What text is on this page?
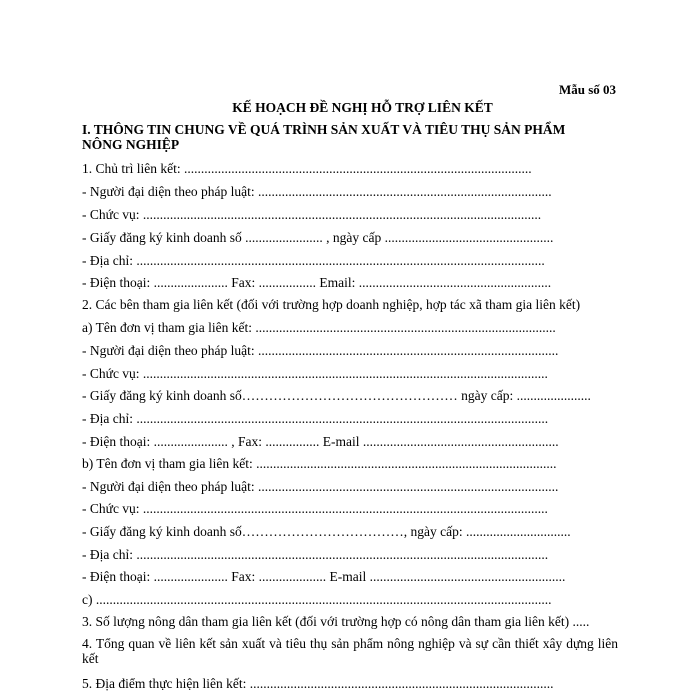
Mẫu số 03
KẾ HOẠCH ĐỀ NGHỊ HỖ TRỢ LIÊN KẾT
I. THÔNG TIN CHUNG VỀ QUÁ TRÌNH SẢN XUẤT VÀ TIÊU THỤ SẢN PHẨM NÔNG NGHIỆP
1. Chủ trì liên kết: .......................................................................................................
- Người đại diện theo pháp luật: .......................................................................................
- Chức vụ: ......................................................................................................................
- Giấy đăng ký kinh doanh số ....................... , ngày cấp ..................................................
- Địa chỉ: .........................................................................................................................
- Điện thoại: ...................... Fax: ................. Email: .........................................................
2. Các bên tham gia liên kết (đối với trường hợp doanh nghiệp, hợp tác xã tham gia liên kết)
a) Tên đơn vị tham gia liên kết: .........................................................................................
- Người đại diện theo pháp luật: .........................................................................................
- Chức vụ: ........................................................................................................................
- Giấy đăng ký kinh doanh số………………………………………… ngày cấp: ......................
- Địa chỉ: ..........................................................................................................................
- Điện thoại: ...................... , Fax: ................ E-mail ..........................................................
b) Tên đơn vị tham gia liên kết: .........................................................................................
- Người đại diện theo pháp luật: .........................................................................................
- Chức vụ: ........................................................................................................................
- Giấy đăng ký kinh doanh số………………………………, ngày cấp: ...............................
- Địa chỉ: ..........................................................................................................................
- Điện thoại: ...................... Fax: .................... E-mail ..........................................................
c) .......................................................................................................................................
3. Số lượng nông dân tham gia liên kết (đối với trường hợp có nông dân tham gia liên kết) .....
4. Tổng quan về liên kết sản xuất và tiêu thụ sản phẩm nông nghiệp và sự cần thiết xây dựng liên kết
5. Địa điểm thực hiện liên kết: ..........................................................................................
